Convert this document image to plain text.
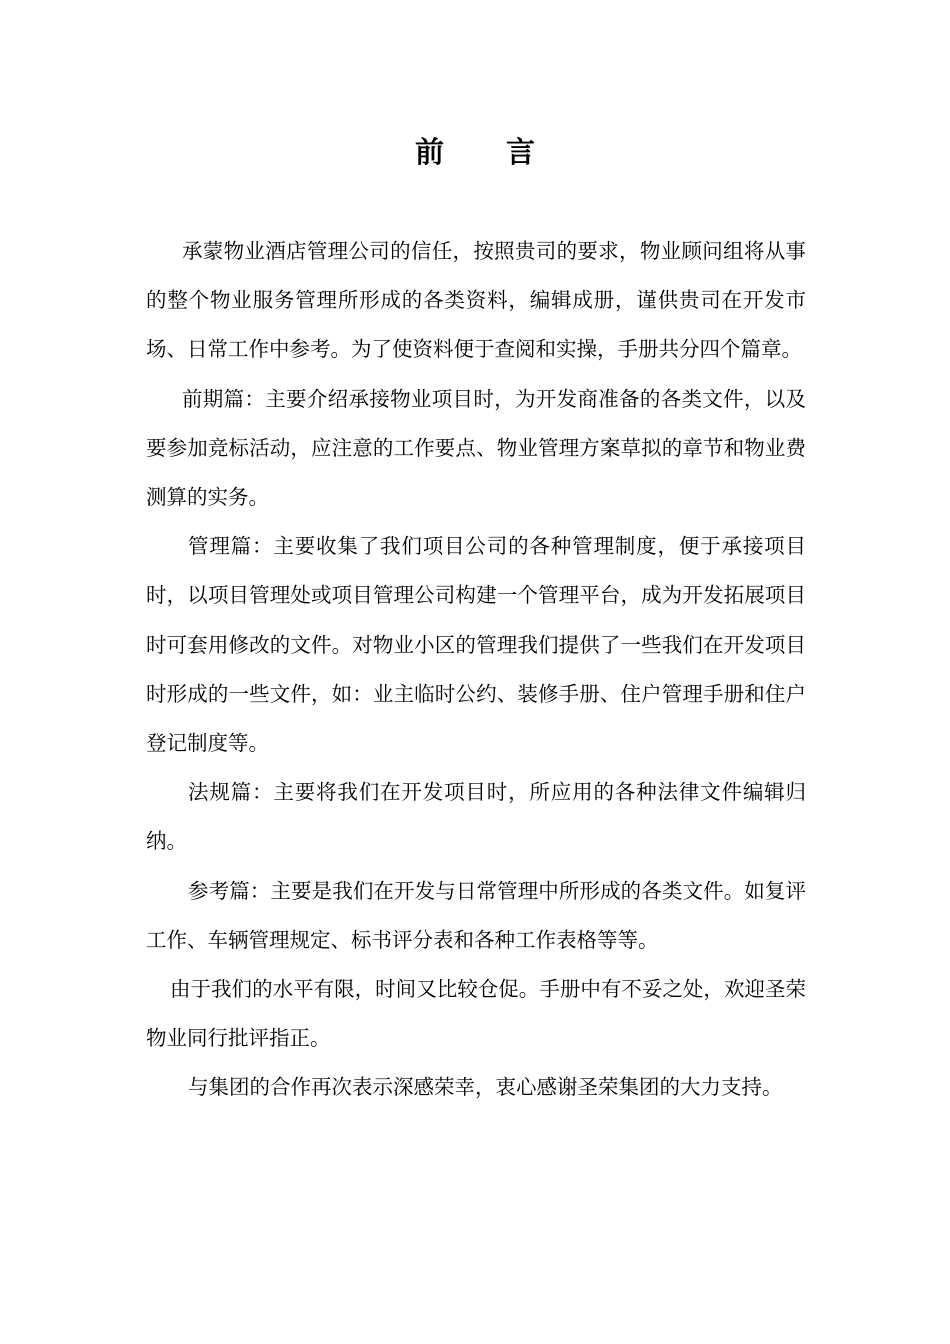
前 言

承蒙物业酒店管理公司的信任，按照贵司的要求，物业顾问组将从事的整个物业服务管理所形成的各类资料，编辑成册，谨供贵司在开发市场、日常工作中参考。为了使资料便于查阅和实操，手册共分四个篇章。

前期篇：主要介绍承接物业项目时，为开发商准备的各类文件，以及要参加竞标活动，应注意的工作要点、物业管理方案草拟的章节和物业费测算的实务。

管理篇：主要收集了我们项目公司的各种管理制度，便于承接项目时，以项目管理处或项目管理公司构建一个管理平台，成为开发拓展项目时可套用修改的文件。对物业小区的管理我们提供了一些我们在开发项目时形成的一些文件，如：业主临时公约、装修手册、住户管理手册和住户登记制度等。

法规篇：主要将我们在开发项目时，所应用的各种法律文件编辑归纳。

参考篇：主要是我们在开发与日常管理中所形成的各类文件。如复评工作、车辆管理规定、标书评分表和各种工作表格等等。

由于我们的水平有限，时间又比较仓促。手册中有不妥之处，欢迎圣荣物业同行批评指正。

与集团的合作再次表示深感荣幸，衷心感谢圣荣集团的大力支持。
